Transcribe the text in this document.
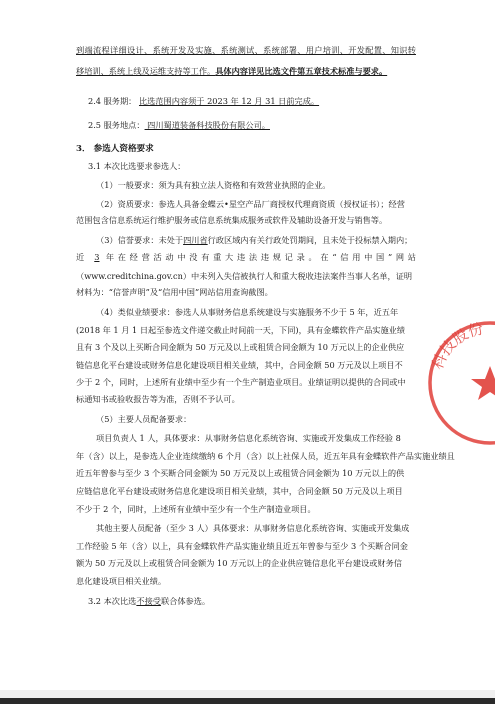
到端流程详细设计、系统开发及实施、系统测试、系统部署、用户培训、开发配置、知识转
移培训、系统上线及运维支持等工作。具体内容详见比选文件第五章技术标准与要求。
2.4 服务期： 比选范围内容须于 2023 年 12 月 31 日前完成。
2.5 服务地点： 四川蜀道装备科技股份有限公司。
3． 参选人资格要求
3.1 本次比选要求参选人：
（1）一般要求：须为具有独立法人资格和有效营业执照的企业。
（2）资质要求：参选人具备金蝶云•星空产品厂商授权代理商资质（授权证书）；经营
范围包含信息系统运行维护服务或信息系统集成服务或软件及辅助设备开发与销售等。
（3）信誉要求：未处于四川省行政区域内有关行政处罚期间，且未处于投标禁入期内；
近 3 年在经营活动中没有重大违法违规记录。在“信用中国”网站
（www.creditchina.gov.cn）中未列入失信被执行人和重大税收违法案件当事人名单，证明
材料为：“信誉声明”及“信用中国”网站信用查询截图。
（4）类似业绩要求：参选人从事财务信息系统建设与实施服务不少于 5 年，近五年
(2018 年 1 月 1 日起至参选文件递交截止时间前一天，下同)，具有金蝶软件产品实施业绩
且有 3 个及以上买断合同金额为 50 万元及以上或租赁合同金额为 10 万元以上的企业供应
链信息化平台建设或财务信息化建设项目相关业绩，其中，合同金额 50 万元及以上项目不
少于 2 个，同时，上述所有业绩中至少有一个生产制造业项目。业绩证明以提供的合同或中
标通知书或验收报告等为准，否则不予认可。
（5）主要人员配备要求：
项目负责人 1 人，具体要求：从事财务信息化系统咨询、实施或开发集成工作经验 8
年（含）以上，是参选人企业连续缴纳 6 个月（含）以上社保人员，近五年具有金蝶软件产品实施业绩且
近五年曾参与至少 3 个买断合同金额为 50 万元及以上或租赁合同金额为 10 万元以上的供
应链信息化平台建设或财务信息化建设项目相关业绩，其中，合同金额 50 万元及以上项目
不少于 2 个，同时，上述所有业绩中至少有一个生产制造业项目。
其他主要人员配备（至少 3 人）具体要求：从事财务信息化系统咨询、实施或开发集成
工作经验 5 年（含）以上，具有金蝶软件产品实施业绩且近五年曾参与至少 3 个买断合同金
额为 50 万元及以上或租赁合同金额为 10 万元以上的企业供应链信息化平台建设或财务信
息化建设项目相关业绩。
3.2 本次比选不接受联合体参选。
科技股份
